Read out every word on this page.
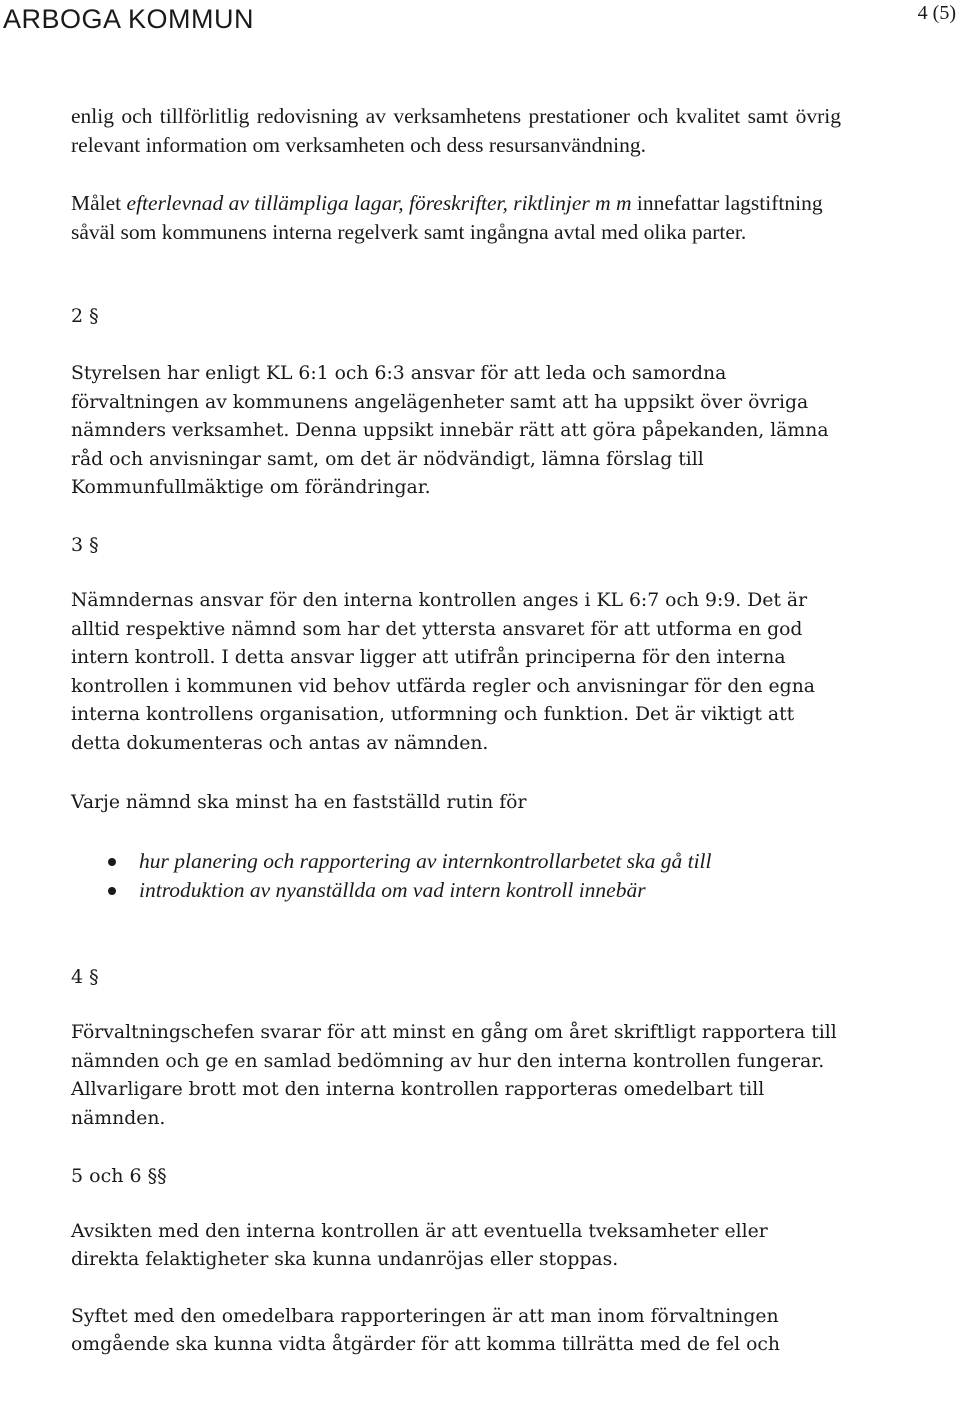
ARBOGA KOMMUN	4 (5)

enlig och tillförlitlig redovisning av verksamhetens prestationer och kvalitet samt övrig relevant information om verksamheten och dess resursanvändning.

Målet efterlevnad av tillämpliga lagar, föreskrifter, riktlinjer m m innefattar lagstiftning såväl som kommunens interna regelverk samt ingångna avtal med olika parter.

2 §

Styrelsen har enligt KL 6:1 och 6:3 ansvar för att leda och samordna förvaltningen av kommunens angelägenheter samt att ha uppsikt över övriga nämnders verksamhet. Denna uppsikt innebär rätt att göra påpekanden, lämna råd och anvisningar samt, om det är nödvändigt, lämna förslag till Kommunfullmäktige om förändringar.

3 §

Nämndernas ansvar för den interna kontrollen anges i KL 6:7 och 9:9. Det är alltid respektive nämnd som har det yttersta ansvaret för att utforma en god intern kontroll. I detta ansvar ligger att utifrån principerna för den interna kontrollen i kommunen vid behov utfärda regler och anvisningar för den egna interna kontrollens organisation, utformning och funktion. Det är viktigt att detta dokumenteras och antas av nämnden.

Varje nämnd ska minst ha en fastställd rutin för

hur planering och rapportering av internkontrollarbetet ska gå till
introduktion av nyanställda om vad intern kontroll innebär

4 §

Förvaltningschefen svarar för att minst en gång om året skriftligt rapportera till nämnden och ge en samlad bedömning av hur den interna kontrollen fungerar. Allvarligare brott mot den interna kontrollen rapporteras omedelbart till nämnden.

5 och 6 §§

Avsikten med den interna kontrollen är att eventuella tveksamheter eller direkta felaktigheter ska kunna undanröjas eller stoppas.

Syftet med den omedelbara rapporteringen är att man inom förvaltningen omgående ska kunna vidta åtgärder för att komma tillrätta med de fel och
